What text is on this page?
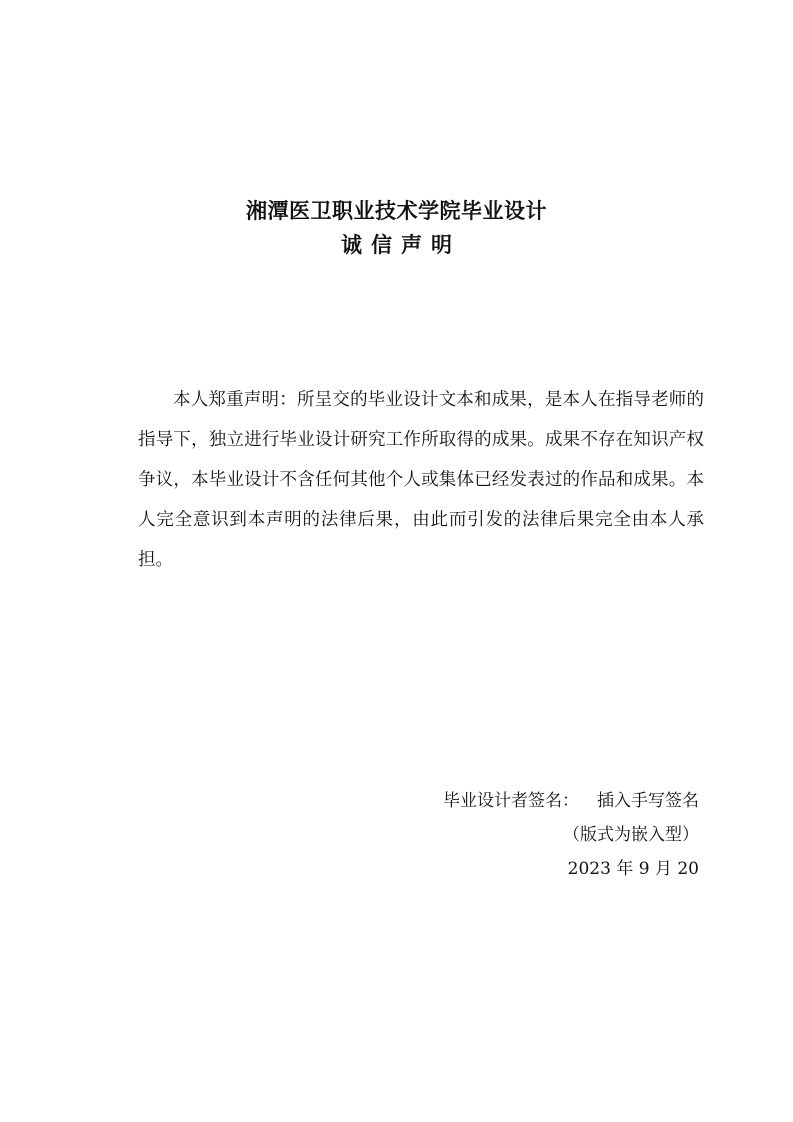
湘潭医卫职业技术学院毕业设计
诚信声明

本人郑重声明：所呈交的毕业设计文本和成果，是本人在指导老师的指导下，独立进行毕业设计研究工作所取得的成果。成果不存在知识产权争议，本毕业设计不含任何其他个人或集体已经发表过的作品和成果。本人完全意识到本声明的法律后果，由此而引发的法律后果完全由本人承担。

毕业设计者签名： 插入手写签名
（版式为嵌入型）
2023 年 9 月 20
